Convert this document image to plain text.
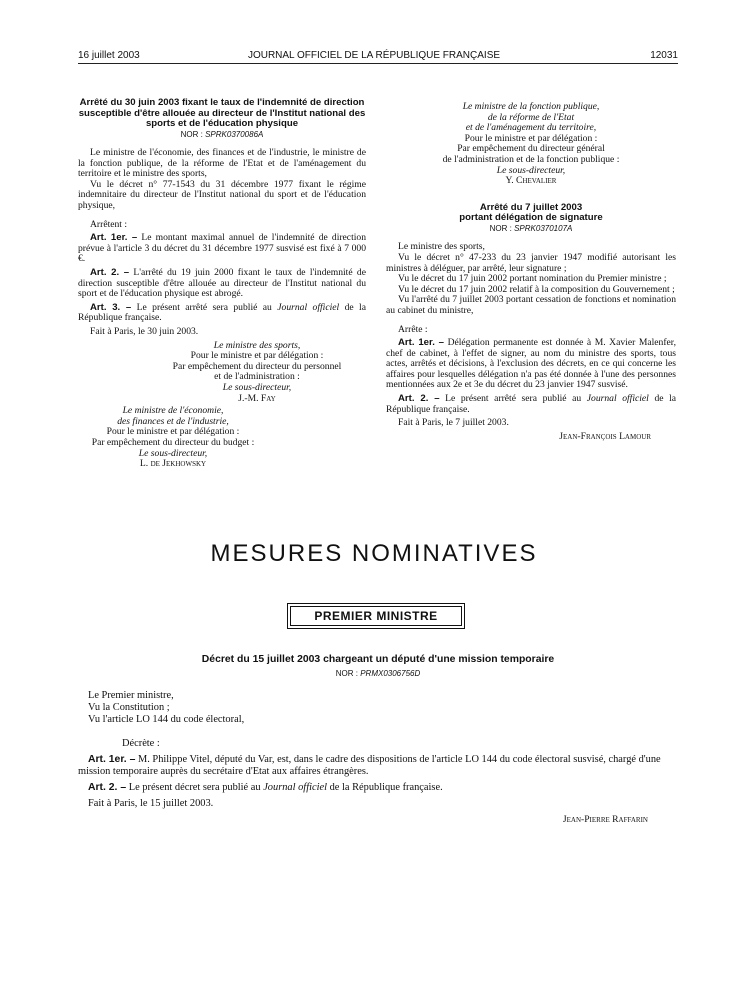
16 juillet 2003	JOURNAL OFFICIEL DE LA RÉPUBLIQUE FRANÇAISE	12031
Arrêté du 30 juin 2003 fixant le taux de l'indemnité de direction susceptible d'être allouée au directeur de l'Institut national des sports et de l'éducation physique

NOR : SPRK0370086A

Le ministre de l'économie, des finances et de l'industrie, le ministre de la fonction publique, de la réforme de l'Etat et de l'aménagement du territoire et le ministre des sports,

Vu le décret n° 77-1543 du 31 décembre 1977 fixant le régime indemnitaire du directeur de l'Institut national du sport et de l'éducation physique,

Arrêtent :

Art. 1er. – Le montant maximal annuel de l'indemnité de direction prévue à l'article 3 du décret du 31 décembre 1977 susvisé est fixé à 7 000 €.

Art. 2. – L'arrêté du 19 juin 2000 fixant le taux de l'indemnité de direction susceptible d'être allouée au directeur de l'Institut national du sport et de l'éducation physique est abrogé.

Art. 3. – Le présent arrêté sera publié au Journal officiel de la République française.

Fait à Paris, le 30 juin 2003.

Le ministre des sports,
Pour le ministre et par délégation :
Par empêchement du directeur du personnel
et de l'administration :
Le sous-directeur,
J.-M. Fay
Le ministre de l'économie,
des finances et de l'industrie,
Pour le ministre et par délégation :
Par empêchement du directeur du budget :
Le sous-directeur,
L. de Jekhowsky
Le ministre de la fonction publique,
de la réforme de l'Etat
et de l'aménagement du territoire,
Pour le ministre et par délégation :
Par empêchement du directeur général
de l'administration et de la fonction publique :
Le sous-directeur,
Y. Chevalier
Arrêté du 7 juillet 2003
portant délégation de signature

NOR : SPRK0370107A

Le ministre des sports,

Vu le décret n° 47-233 du 23 janvier 1947 modifié autorisant les ministres à déléguer, par arrêté, leur signature ;

Vu le décret du 17 juin 2002 portant nomination du Premier ministre ;

Vu le décret du 17 juin 2002 relatif à la composition du Gouvernement ;

Vu l'arrêté du 7 juillet 2003 portant cessation de fonctions et nomination au cabinet du ministre,

Arrête :

Art. 1er. – Délégation permanente est donnée à M. Xavier Malenfer, chef de cabinet, à l'effet de signer, au nom du ministre des sports, tous actes, arrêtés et décisions, à l'exclusion des décrets, en ce qui concerne les affaires pour lesquelles délégation n'a pas été donnée à l'une des personnes mentionnées aux 2e et 3e du décret du 23 janvier 1947 susvisé.

Art. 2. – Le présent arrêté sera publié au Journal officiel de la République française.

Fait à Paris, le 7 juillet 2003.

Jean-François Lamour

MESURES NOMINATIVES
PREMIER MINISTRE
Décret du 15 juillet 2003 chargeant un député d'une mission temporaire

NOR : PRMX0306756D

Le Premier ministre,

Vu la Constitution ;

Vu l'article LO 144 du code électoral,

Décrète :

Art. 1er. – M. Philippe Vitel, député du Var, est, dans le cadre des dispositions de l'article LO 144 du code électoral susvisé, chargé d'une mission temporaire auprès du secrétaire d'Etat aux affaires étrangères.

Art. 2. – Le présent décret sera publié au Journal officiel de la République française.

Fait à Paris, le 15 juillet 2003.

Jean-Pierre Raffarin
